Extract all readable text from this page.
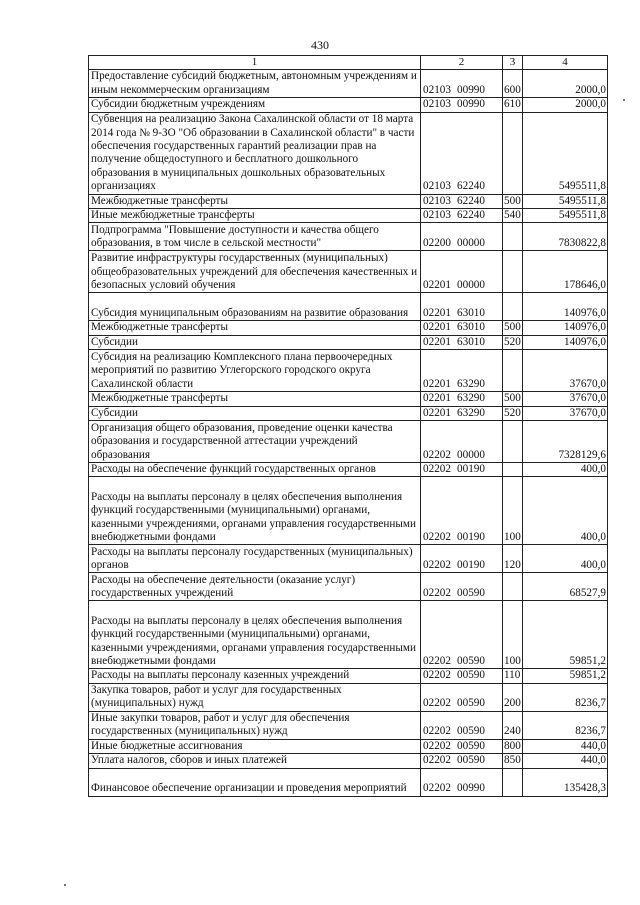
430
1	2	3	4
Предоставление субсидий бюджетным, автономным учреждениям и иным некоммерческим организациям	02103 00990	600	2000,0
Субсидии бюджетным учреждениям	02103 00990	610	2000,0
Субвенция на реализацию Закона Сахалинской области от 18 марта 2014 года № 9-ЗО "Об образовании в Сахалинской области" в части обеспечения государственных гарантий реализации прав на получение общедоступного и бесплатного дошкольного образования в муниципальных дошкольных образовательных организациях	02103 62240		5495511,8
Межбюджетные трансферты	02103 62240	500	5495511,8
Иные межбюджетные трансферты	02103 62240	540	5495511,8
Подпрограмма "Повышение доступности и качества общего образования, в том числе в сельской местности"	02200 00000		7830822,8
Развитие инфраструктуры государственных (муниципальных) общеобразовательных учреждений для обеспечения качественных и безопасных условий обучения	02201 00000		178646,0
Субсидия муниципальным образованиям на развитие образования	02201 63010		140976,0
Межбюджетные трансферты	02201 63010	500	140976,0
Субсидии	02201 63010	520	140976,0
Субсидия на реализацию Комплексного плана первоочередных мероприятий по развитию Углегорского городского округа Сахалинской области	02201 63290		37670,0
Межбюджетные трансферты	02201 63290	500	37670,0
Субсидии	02201 63290	520	37670,0
Организация общего образования, проведение оценки качества образования и государственной аттестации учреждений образования	02202 00000		7328129,6
Расходы на обеспечение функций государственных органов	02202 00190		400,0
Расходы на выплаты персоналу в целях обеспечения выполнения функций государственными (муниципальными) органами, казенными учреждениями, органами управления государственными внебюджетными фондами	02202 00190	100	400,0
Расходы на выплаты персоналу государственных (муниципальных) органов	02202 00190	120	400,0
Расходы на обеспечение деятельности (оказание услуг) государственных учреждений	02202 00590		68527,9
Расходы на выплаты персоналу в целях обеспечения выполнения функций государственными (муниципальными) органами, казенными учреждениями, органами управления государственными внебюджетными фондами	02202 00590	100	59851,2
Расходы на выплаты персоналу казенных учреждений	02202 00590	110	59851,2
Закупка товаров, работ и услуг для государственных (муниципальных) нужд	02202 00590	200	8236,7
Иные закупки товаров, работ и услуг для обеспечения государственных (муниципальных) нужд	02202 00590	240	8236,7
Иные бюджетные ассигнования	02202 00590	800	440,0
Уплата налогов, сборов и иных платежей	02202 00590	850	440,0
Финансовое обеспечение организации и проведения мероприятий	02202 00990		135428,3
